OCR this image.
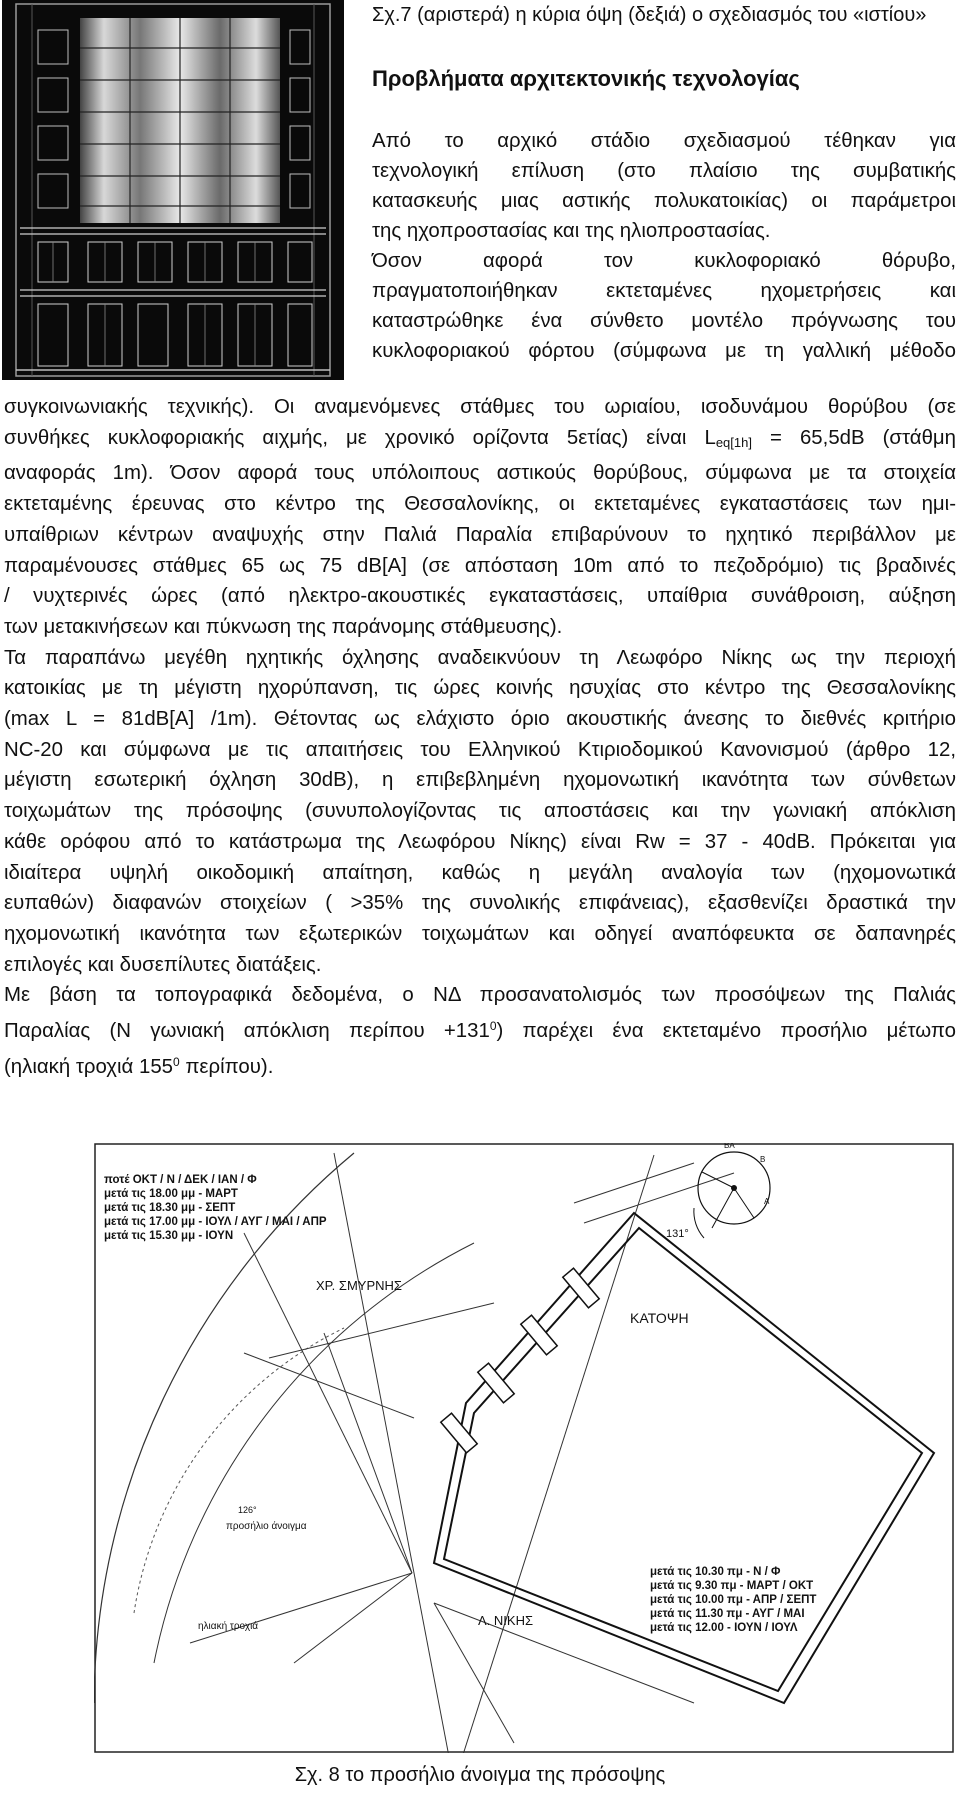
Σχ.7 (αριστερά) η κύρια όψη (δεξιά) ο σχεδιασμός του «ιστίου»
Προβλήματα αρχιτεκτονικής τεχνολογίας
Από το αρχικό στάδιο σχεδιασμού τέθηκαν για
τεχνολογική επίλυση (στο πλαίσιο της συμβατικής
κατασκευής μιας αστικής πολυκατοικίας) οι παράμετροι
της ηχοπροστασίας και της ηλιοπροστασίας.
Όσον αφορά τον κυκλοφοριακό θόρυβο,
πραγματοποιήθηκαν εκτεταμένες ηχομετρήσεις και
καταστρώθηκε ένα σύνθετο μοντέλο πρόγνωσης του
κυκλοφοριακού φόρτου (σύμφωνα με τη γαλλική μέθοδο
συγκοινωνιακής τεχνικής). Οι αναμενόμενες στάθμες του ωριαίου, ισοδυνάμου θορύβου (σε
συνθήκες κυκλοφοριακής αιχμής, με χρονικό ορίζοντα 5ετίας) είναι $L_{eq[1h]} = 65,5dB$ (στάθμη
αναφοράς 1m). Όσον αφορά τους υπόλοιπους αστικούς θορύβους, σύμφωνα με τα στοιχεία
εκτεταμένης έρευνας στο κέντρο της Θεσσαλονίκης, οι εκτεταμένες εγκαταστάσεις των ημι-
υπαίθριων κέντρων αναψυχής στην Παλιά Παραλία επιβαρύνουν το ηχητικό περιβάλλον με
παραμένουσες στάθμες 65 ως 75 dB[A] (σε απόσταση 10m από το πεζοδρόμιο) τις βραδινές
/ νυχτερινές ώρες (από ηλεκτρο-ακουστικές εγκαταστάσεις, υπαίθρια συνάθροιση, αύξηση
των μετακινήσεων και πύκνωση της παράνομης στάθμευσης).
Τα παραπάνω μεγέθη ηχητικής όχλησης αναδεικνύουν τη Λεωφόρο Νίκης ως την περιοχή
κατοικίας με τη μέγιστη ηχορύπανση, τις ώρες κοινής ησυχίας στο κέντρο της Θεσσαλονίκης
(max L = 81dB[A] /1m). Θέτοντας ως ελάχιστο όριο ακουστικής άνεσης το διεθνές κριτήριο
NC-20 και σύμφωνα με τις απαιτήσεις του Ελληνικού Κτιριοδομικού Κανονισμού (άρθρο 12,
μέγιστη εσωτερική όχληση 30dB), η επιβεβλημένη ηχομονωτική ικανότητα των σύνθετων
τοιχωμάτων της πρόσοψης (συνυπολογίζοντας τις αποστάσεις και την γωνιακή απόκλιση
κάθε ορόφου από το κατάστρωμα της Λεωφόρου Νίκης) είναι Rw = 37 - 40dB. Πρόκειται για
ιδιαίτερα υψηλή οικοδομική απαίτηση, καθώς η μεγάλη αναλογία των (ηχομονωτικά
ευπαθών) διαφανών στοιχείων ( >35% της συνολικής επιφάνειας), εξασθενίζει δραστικά την
ηχομονωτική ικανότητα των εξωτερικών τοιχωμάτων και οδηγεί αναπόφευκτα σε δαπανηρές
επιλογές και δυσεπίλυτες διατάξεις.
Με βάση τα τοπογραφικά δεδομένα, ο ΝΔ προσανατολισμός των προσόψεων της Παλιάς
Παραλίας (Ν γωνιακή απόκλιση $\pi\varepsilon\rho ί\pi o\upsilon +131^0$) παρέχει ένα εκτεταμένο προσήλιο μέτωπο
(ηλιακή τροχιά $155^0$ περίπου).
ΒΑ
Β
Α
131°
ποτέ ΟΚΤ / Ν / ΔΕΚ / ΙΑΝ / Φ
μετά τις 18.00 μμ - ΜΑΡΤ
μετά τις 18.30 μμ - ΣΕΠΤ
μετά τις 17.00 μμ - ΙΟΥΛ / ΑΥΓ / ΜΑΙ / ΑΠΡ
μετά τις 15.30 μμ - ΙΟΥΝ
μετά τις 10.30 πμ - Ν / Φ
μετά τις 9.30 πμ - ΜΑΡΤ / ΟΚΤ
μετά τις 10.00 πμ - ΑΠΡ / ΣΕΠΤ
μετά τις 11.30 πμ - ΑΥΓ / ΜΑΙ
μετά τις 12.00 - ΙΟΥΝ / ΙΟΥΛ
ΧΡ. ΣΜΥΡΝΗΣ
ΚΑΤΟΨΗ
126°
προσήλιο άνοιγμα
Λ. ΝΙΚΗΣ
ηλιακή τροχιά
Σχ. 8 το προσήλιο άνοιγμα της πρόσοψης
